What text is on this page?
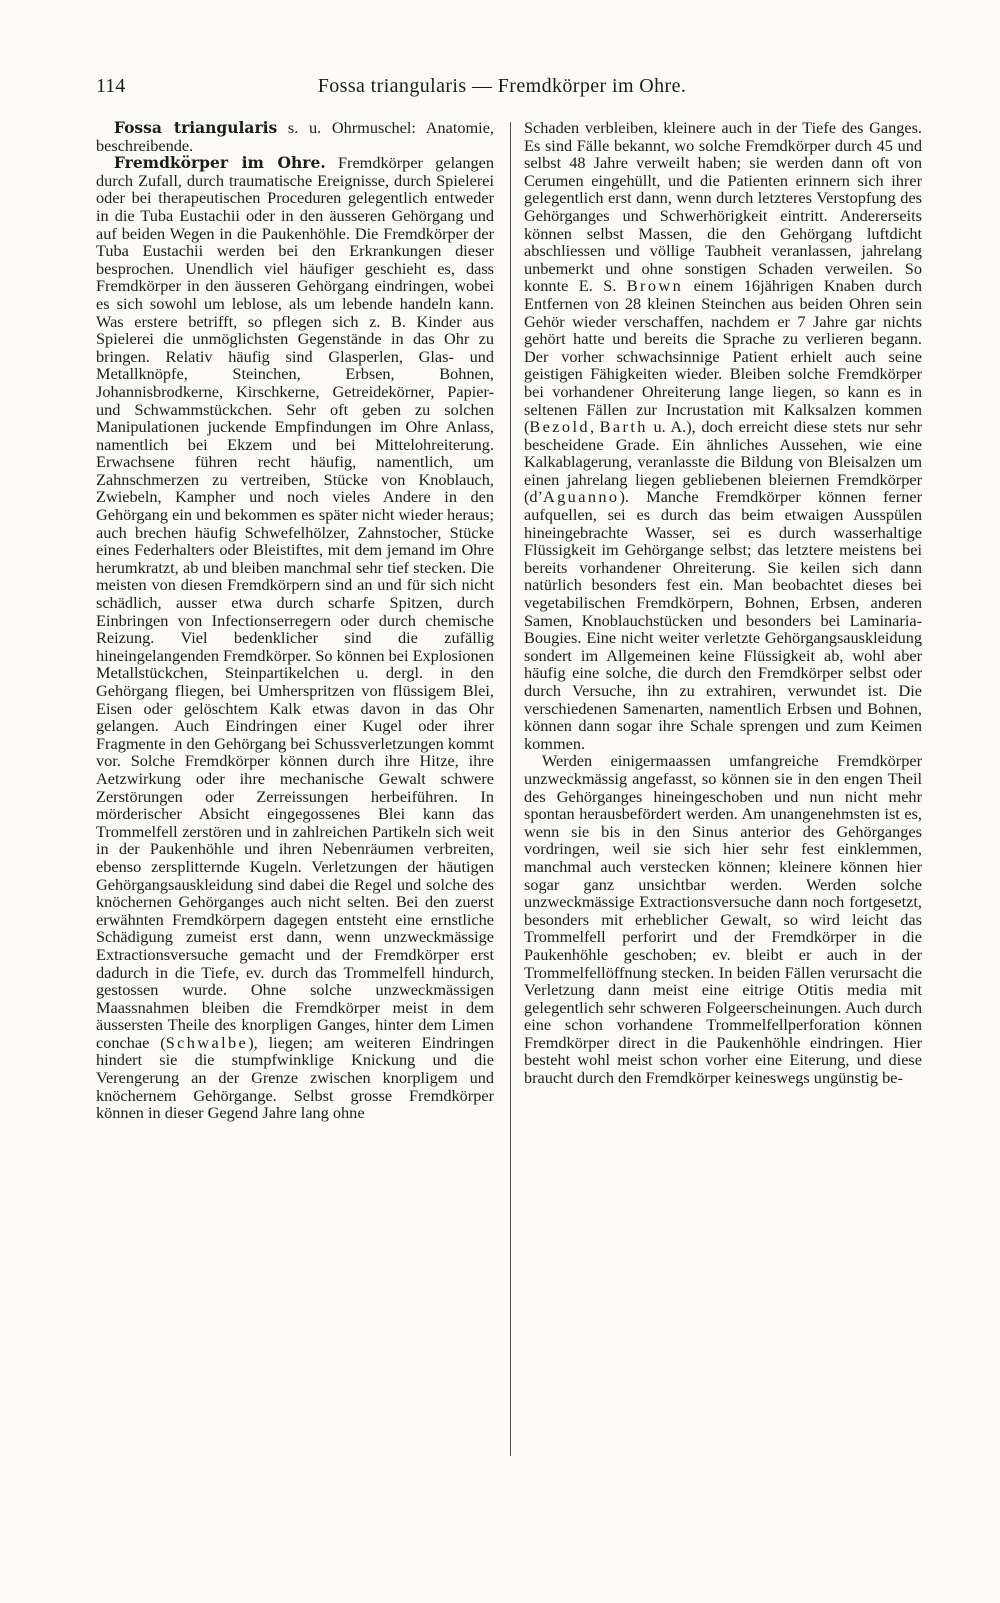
114	Fossa triangularis — Fremdkörper im Ohre.

Fossa triangularis s. u. Ohrmuschel: Anatomie, beschreibende.

Fremdkörper im Ohre. Fremdkörper gelangen durch Zufall, durch traumatische Ereignisse, durch Spielerei oder bei therapeutischen Proceduren gelegentlich entweder in die Tuba Eustachii oder in den äusseren Gehörgang und auf beiden Wegen in die Paukenhöhle. Die Fremdkörper der Tuba Eustachii werden bei den Erkrankungen dieser besprochen. Unendlich viel häufiger geschieht es, dass Fremdkörper in den äusseren Gehörgang eindringen, wobei es sich sowohl um leblose, als um lebende handeln kann. Was erstere betrifft, so pflegen sich z. B. Kinder aus Spielerei die unmöglichsten Gegenstände in das Ohr zu bringen. Relativ häufig sind Glasperlen, Glas- und Metallknöpfe, Steinchen, Erbsen, Bohnen, Johannisbrodkerne, Kirschkerne, Getreidekörner, Papier- und Schwammstückchen. Sehr oft geben zu solchen Manipulationen juckende Empfindungen im Ohre Anlass, namentlich bei Ekzem und bei Mittelohreiterung. Erwachsene führen recht häufig, namentlich, um Zahnschmerzen zu vertreiben, Stücke von Knoblauch, Zwiebeln, Kampher und noch vieles Andere in den Gehörgang ein und bekommen es später nicht wieder heraus; auch brechen häufig Schwefelhölzer, Zahnstocher, Stücke eines Federhalters oder Bleistiftes, mit dem jemand im Ohre herumkratzt, ab und bleiben manchmal sehr tief stecken. Die meisten von diesen Fremdkörpern sind an und für sich nicht schädlich, ausser etwa durch scharfe Spitzen, durch Einbringen von Infectionserregern oder durch chemische Reizung. Viel bedenklicher sind die zufällig hineingelangenden Fremdkörper. So können bei Explosionen Metallstückchen, Steinpartikelchen u. dergl. in den Gehörgang fliegen, bei Umherspritzen von flüssigem Blei, Eisen oder gelöschtem Kalk etwas davon in das Ohr gelangen. Auch Eindringen einer Kugel oder ihrer Fragmente in den Gehörgang bei Schussverletzungen kommt vor. Solche Fremdkörper können durch ihre Hitze, ihre Aetzwirkung oder ihre mechanische Gewalt schwere Zerstörungen oder Zerreissungen herbeiführen. In mörderischer Absicht eingegossenes Blei kann das Trommelfell zerstören und in zahlreichen Partikeln sich weit in der Paukenhöhle und ihren Nebenräumen verbreiten, ebenso zersplitternde Kugeln. Verletzungen der häutigen Gehörgangsauskleidung sind dabei die Regel und solche des knöchernen Gehörganges auch nicht selten. Bei den zuerst erwähnten Fremdkörpern dagegen entsteht eine ernstliche Schädigung zumeist erst dann, wenn unzweckmässige Extractionsversuche gemacht und der Fremdkörper erst dadurch in die Tiefe, ev. durch das Trommelfell hindurch, gestossen wurde. Ohne solche unzweckmässigen Maassnahmen bleiben die Fremdkörper meist in dem äussersten Theile des knorpligen Ganges, hinter dem Limen conchae (Schwalbe), liegen; am weiteren Eindringen hindert sie die stumpfwinklige Knickung und die Verengerung an der Grenze zwischen knorpligem und knöchernem Gehörgange. Selbst grosse Fremdkörper können in dieser Gegend Jahre lang ohne

Schaden verbleiben, kleinere auch in der Tiefe des Ganges. Es sind Fälle bekannt, wo solche Fremdkörper durch 45 und selbst 48 Jahre verweilt haben; sie werden dann oft von Cerumen eingehüllt, und die Patienten erinnern sich ihrer gelegentlich erst dann, wenn durch letzteres Verstopfung des Gehörganges und Schwerhörigkeit eintritt. Andererseits können selbst Massen, die den Gehörgang luftdicht abschliessen und völlige Taubheit veranlassen, jahrelang unbemerkt und ohne sonstigen Schaden verweilen. So konnte E. S. Brown einem 16jährigen Knaben durch Entfernen von 28 kleinen Steinchen aus beiden Ohren sein Gehör wieder verschaffen, nachdem er 7 Jahre gar nichts gehört hatte und bereits die Sprache zu verlieren begann. Der vorher schwachsinnige Patient erhielt auch seine geistigen Fähigkeiten wieder. Bleiben solche Fremdkörper bei vorhandener Ohreiterung lange liegen, so kann es in seltenen Fällen zur Incrustation mit Kalksalzen kommen (Bezold, Barth u. A.), doch erreicht diese stets nur sehr bescheidene Grade. Ein ähnliches Aussehen, wie eine Kalkablagerung, veranlasste die Bildung von Bleisalzen um einen jahrelang liegen gebliebenen bleiernen Fremdkörper (d’Aguanno). Manche Fremdkörper können ferner aufquellen, sei es durch das beim etwaigen Ausspülen hineingebrachte Wasser, sei es durch wasserhaltige Flüssigkeit im Gehörgange selbst; das letztere meistens bei bereits vorhandener Ohreiterung. Sie keilen sich dann natürlich besonders fest ein. Man beobachtet dieses bei vegetabilischen Fremdkörpern, Bohnen, Erbsen, anderen Samen, Knoblauchstücken und besonders bei Laminaria-Bougies. Eine nicht weiter verletzte Gehörgangsauskleidung sondert im Allgemeinen keine Flüssigkeit ab, wohl aber häufig eine solche, die durch den Fremdkörper selbst oder durch Versuche, ihn zu extrahiren, verwundet ist. Die verschiedenen Samenarten, namentlich Erbsen und Bohnen, können dann sogar ihre Schale sprengen und zum Keimen kommen.

Werden einigermaassen umfangreiche Fremdkörper unzweckmässig angefasst, so können sie in den engen Theil des Gehörganges hineingeschoben und nun nicht mehr spontan herausbefördert werden. Am unangenehmsten ist es, wenn sie bis in den Sinus anterior des Gehörganges vordringen, weil sie sich hier sehr fest einklemmen, manchmal auch verstecken können; kleinere können hier sogar ganz unsichtbar werden. Werden solche unzweckmässige Extractionsversuche dann noch fortgesetzt, besonders mit erheblicher Gewalt, so wird leicht das Trommelfell perforirt und der Fremdkörper in die Paukenhöhle geschoben; ev. bleibt er auch in der Trommelfellöffnung stecken. In beiden Fällen verursacht die Verletzung dann meist eine eitrige Otitis media mit gelegentlich sehr schweren Folgeerscheinungen. Auch durch eine schon vorhandene Trommelfellperforation können Fremdkörper direct in die Paukenhöhle eindringen. Hier besteht wohl meist schon vorher eine Eiterung, und diese braucht durch den Fremdkörper keineswegs ungünstig be-
